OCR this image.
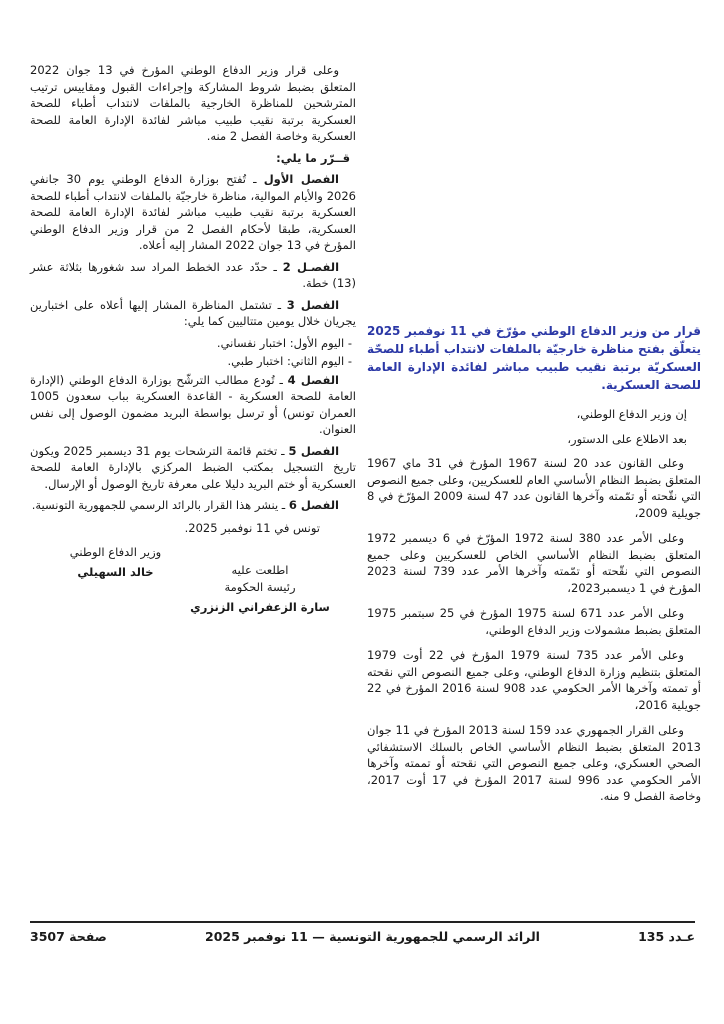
وعلى قرار وزير الدفاع الوطني المؤرخ في 13 جوان 2022 المتعلق بضبط شروط المشاركة وإجراءات القبول ومقاييس ترتيب المترشحين للمناظرة الخارجية بالملفات لانتداب أطباء للصحة العسكرية برتبة نقيب طبيب مباشر لفائدة الإدارة العامة للصحة العسكرية وخاصة الفصل 2 منه.

قــرّر ما يلي:

الفصل الأول ـ تُفتح بوزارة الدفاع الوطني يوم 30 جانفي 2026 والأيام الموالية، مناظرة خارجيّة بالملفات لانتداب أطباء للصحة العسكرية برتبة نقيب طبيب مباشر لفائدة الإدارة العامة للصحة العسكرية، طبقا لأحكام الفصل 2 من قرار وزير الدفاع الوطني المؤرخ في 13 جوان 2022 المشار إليه أعلاه.

الفصـل 2 ـ حدّد عدد الخطط المراد سد شغورها بثلاثة عشر (13) خطة.

الفصل 3 ـ تشتمل المناظرة المشار إليها أعلاه على اختبارين يجريان خلال يومين متتاليين كما يلي:

- اليوم الأول: اختبار نفساني.

- اليوم الثاني: اختبار طبي.

الفصل 4 ـ تُودع مطالب الترشّح بوزارة الدفاع الوطني (الإدارة العامة للصحة العسكرية - القاعدة العسكرية بباب سعدون 1005 العمران تونس) أو ترسل بواسطة البريد مضمون الوصول إلى نفس العنوان.

الفصل 5 ـ تختم قائمة الترشحات يوم 31 ديسمبر 2025 ويكون تاريخ التسجيل بمكتب الضبط المركزي بالإدارة العامة للصحة العسكرية أو ختم البريد دليلا على معرفة تاريخ الوصول أو الإرسال.

الفصل 6 ـ ينشر هذا القرار بالرائد الرسمي للجمهورية التونسية.

تونس في 11 نوفمبر 2025.

وزير الدفاع الوطني
خالد السهيلي	اطلعت عليه
رئيسة الحكومة
سارة الزعفراني الزنزري

قرار من وزير الدفاع الوطني مؤرّخ في 11 نوفمبر 2025 يتعلّق بفتح مناظرة خارجيّة بالملفات لانتداب أطباء للصحّة العسكريّة برتبة نقيب طبيب مباشر لفائدة الإدارة العامة للصحة العسكرية.

إن وزير الدفاع الوطني،

بعد الاطلاع على الدستور،

وعلى القانون عدد 20 لسنة 1967 المؤرخ في 31 ماي 1967 المتعلق بضبط النظام الأساسي العام للعسكريين، وعلى جميع النصوص التي نقّحته أو تمّمته وآخرها القانون عدد 47 لسنة 2009 المؤرّخ في 8 جويلية 2009،

وعلى الأمر عدد 380 لسنة 1972 المؤرّخ في 6 ديسمبر 1972 المتعلق بضبط النظام الأساسي الخاص للعسكريين وعلى جميع النصوص التي نقّحته أو تمّمته وآخرها الأمر عدد 739 لسنة 2023 المؤرخ في 1 ديسمبر2023،

وعلى الأمر عدد 671 لسنة 1975 المؤرخ في 25 سبتمبر 1975 المتعلق بضبط مشمولات وزير الدفاع الوطني،

وعلى الأمر عدد 735 لسنة 1979 المؤرخ في 22 أوت 1979 المتعلق بتنظيم وزارة الدفاع الوطني، وعلى جميع النصوص التي نقحته أو تممته وآخرها الأمر الحكومي عدد 908 لسنة 2016 المؤرخ في 22 جويلية 2016،

وعلى القرار الجمهوري عدد 159 لسنة 2013 المؤرخ في 11 جوان 2013 المتعلق بضبط النظام الأساسي الخاص بالسلك الاستشفائي الصحي العسكري، وعلى جميع النصوص التي نقحته أو تممته وآخرها الأمر الحكومي عدد 996 لسنة 2017 المؤرخ في 17 أوت 2017، وخاصة الفصل 9 منه.

عـدد 135
الرائد الرسمي للجمهورية التونسية — 11 نوفمبر 2025
صفحة 3507
